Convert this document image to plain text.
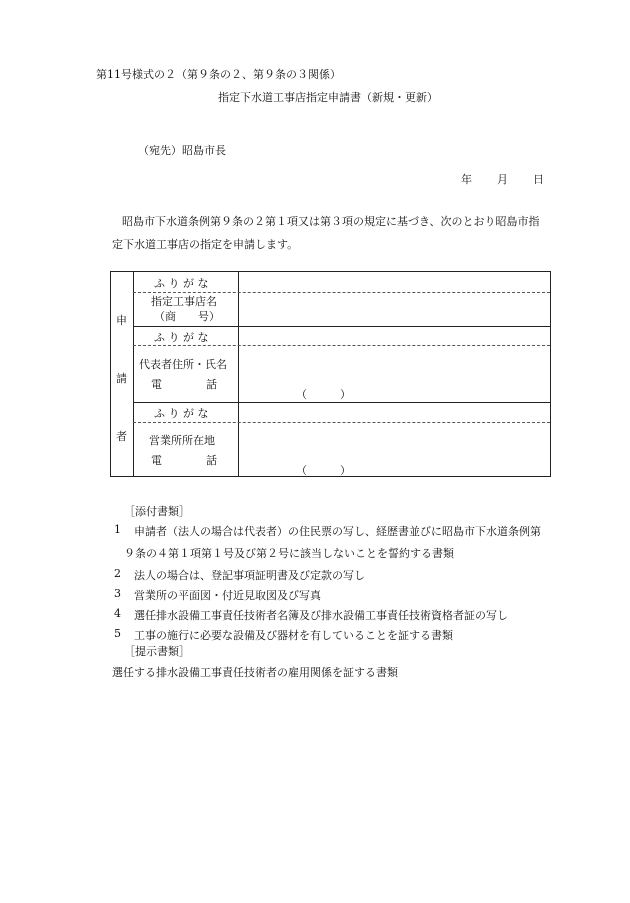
第11号様式の２（第９条の２、第９条の３関係）
指定下水道工事店指定申請書（新規・更新）
（宛先）昭島市長
年 月 日
昭島市下水道条例第９条の２第１項又は第３項の規定に基づき、次のとおり昭島市指
定下水道工事店の指定を申請します。
申
請
者
ふ り が な
指定工事店名
（商　　号）
ふ り が な
代表者住所・氏名
電　　　　話
（　　　）
ふ り が な
営業所所在地
電　　　　話
（　　　）
［添付書類］
1 申請者（法人の場合は代表者）の住民票の写し、経歴書並びに昭島市下水道条例第
９条の４第１項第１号及び第２号に該当しないことを誓約する書類
2 法人の場合は、登記事項証明書及び定款の写し
3 営業所の平面図・付近見取図及び写真
4 選任排水設備工事責任技術者名簿及び排水設備工事責任技術資格者証の写し
5 工事の施行に必要な設備及び器材を有していることを証する書類
［提示書類］
選任する排水設備工事責任技術者の雇用関係を証する書類
